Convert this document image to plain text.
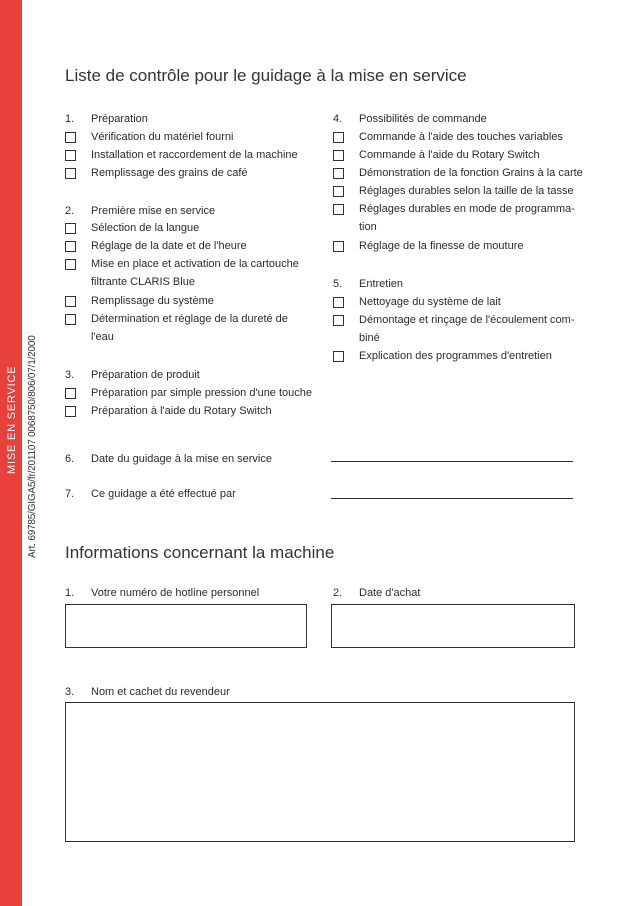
MISE EN SERVICE Art. 69785/GIGA5/fr/201107 0068750/806/07/1/2000
Liste de contrôle pour le guidage à la mise en service
1. Préparation
Vérification du matériel fourni
Installation et raccordement de la machine
Remplissage des grains de café
2. Première mise en service
Sélection de la langue
Réglage de la date et de l'heure
Mise en place et activation de la cartouche
filtrante CLARIS Blue
Remplissage du système
Détermination et réglage de la dureté de
l'eau
3. Préparation de produit
Préparation par simple pression d'une touche
Préparation à l'aide du Rotary Switch
4. Possibilités de commande
Commande à l'aide des touches variables
Commande à l'aide du Rotary Switch
Démonstration de la fonction Grains à la carte
Réglages durables selon la taille de la tasse
Réglages durables en mode de programma-
tion
Réglage de la finesse de mouture
5. Entretien
Nettoyage du système de lait
Démontage et rinçage de l'écoulement com-
biné
Explication des programmes d'entretien
6. Date du guidage à la mise en service
7. Ce guidage a été effectué par
Informations concernant la machine
1. Votre numéro de hotline personnel	2. Date d'achat
3. Nom et cachet du revendeur
